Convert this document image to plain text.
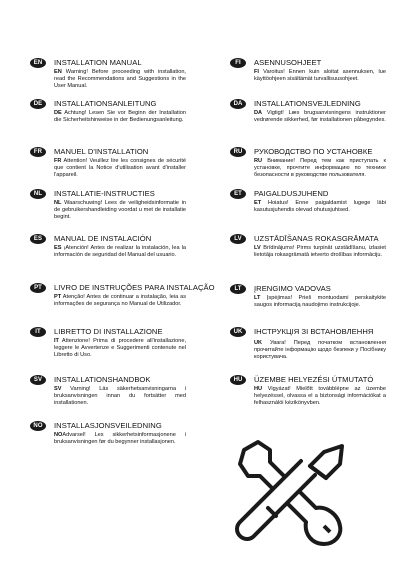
EN	INSTALLATION MANUAL
EN Warning! Before proceeding with installation, read the Recommendations and Suggestions in the User Manual.
DE	INSTALLATIONSANLEITUNG
DE Achtung! Lesen Sie vor Beginn der Installation die Sicherheitshinweise in der Bedienungsanleitung.
FR	MANUEL D'INSTALLATION
FR Attention! Veuillez lire les consignes de sécurité que contient la Notice d'utilisation avant d'installer l'appareil.
NL	INSTALLATIE-INSTRUCTIES
NL Waarschuwing! Lees de veiligheidsinformatie in de gebruikershandleiding voordat u met de installatie begint.
ES	MANUAL DE INSTALACIÓN
ES ¡Atención! Antes de realizar la instalación, lea la información de seguridad del Manual del usuario.
PT	LIVRO DE INSTRUÇÕES PARA INSTALAÇÃO
PT Atenção! Antes de continuar a instalação, leia as informações de segurança no Manual de Utilizador.
IT	LIBRETTO DI INSTALLAZIONE
IT Attenzione! Prima di procedere all'installazione, leggere le Avvertenze e Suggerimenti contenute nel Libretto di Uso.
SV	INSTALLATIONSHANDBOK
SV Varning! Läs säkerhetsanvisningarna i bruksanvisningen innan du fortsätter med installationen.
NO	INSTALLASJONSVEILEDNING
NOAdvarsel! Les sikkerhetsinformasjonene i bruksanvisningen før du begynner installasjonen.
FI	ASENNUSOHJEET
FI Varoitus! Ennen kuin aloitat asennuksen, lue käyttöohjeen sisältämät turvallisuusohjeet.
DA	INSTALLATIONSVEJLEDNING
DA Vigtigt! Læs brugsanvisningens instruktioner vedrørende sikkerhed, før installationen påbegyndes.
RU	РУКОВОДСТВО ПО УСТАНОВКЕ
RU Внимание! Перед тем как приступать к установке, прочтите информацию по технике безопасности в руководстве пользователя.
ET	PAIGALDUSJUHEND
ET Hoiatus! Enne paigaldamist lugege läbi kasutusjuhendis olevad ohutusjuhised.
LV	UZSTĀDĪŠANAS ROKASGRĀMATA
LV Brīdinājums! Pirms turpināt uzstādīšanu, izlasiet lietotāja rokasgrāmatā ietverto drošības informāciju.
LT	ĮRENGIMO VADOVAS
LT Įspėjimas! Prieš montuodami perskaitykite saugos informaciją naudojimo instrukcijoje.
UK	ІНСТРУКЦІЯ ЗІ ВСТАНОВЛЕННЯ
UK Увага! Перед початком встановлення прочитайте інформацію щодо безпеки у Посібнику користувача.
HU	ÜZEMBE HELYEZÉSI ÚTMUTATÓ
HU Vigyázat! Mielőtt továbblépne az üzembe helyezéssel, olvassa el a biztonsági információkat a felhasználói kézikönyvben.
